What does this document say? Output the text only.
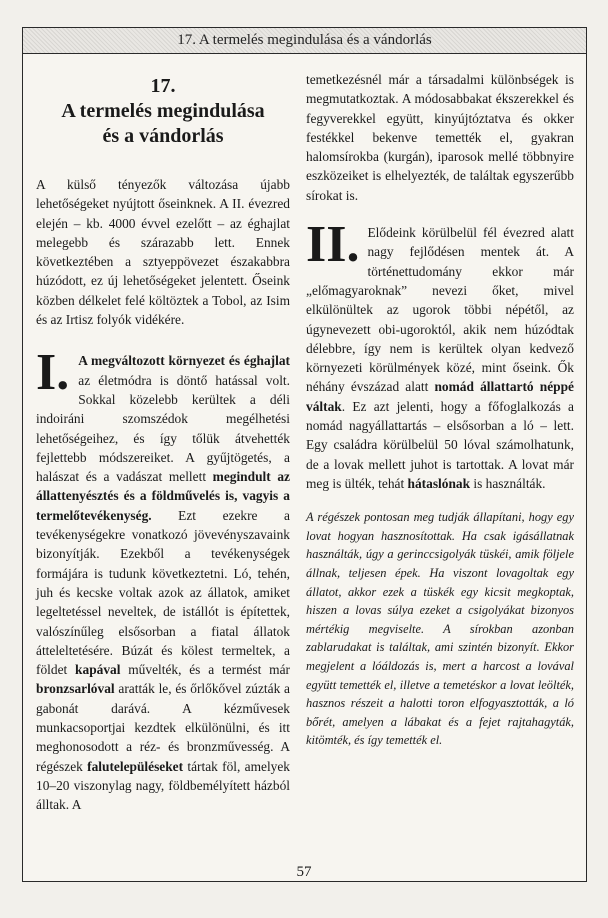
17. A termelés megindulása és a vándorlás
17.
A termelés megindulása
és a vándorlás

A külső tényezők változása újabb lehetőségeket nyújtott őseinknek. A II. évezred elején – kb. 4000 évvel ezelőtt – az éghajlat melegebb és szárazabb lett. Ennek következtében a sztyeppövezet északabbra húzódott, ez új lehetőségeket jelentett. Őseink közben délkelet felé költöztek a Tobol, az Isim és az Irtisz folyók vidékére.

I. A megváltozott környezet és éghajlat az életmódra is döntő hatással volt. Sokkal közelebb kerültek a déli indoiráni szomszédok megélhetési lehetőségeihez, és így tőlük átvehették fejlettebb módszereiket. A gyűjtögetés, a halászat és a vadászat mellett megindult az állattenyésztés és a földművelés is, vagyis a termelőtevékenység. Ezt ezekre a tevékenységekre vonatkozó jövevényszavaink bizonyítják. Ezekből a tevékenységek formájára is tudunk következtetni. Ló, tehén, juh és kecske voltak azok az állatok, amiket legeltetéssel neveltek, de istállót is építettek, valószínűleg elsősorban a fiatal állatok átteleltetésére. Búzát és kölest termeltek, a földet kapával művelték, és a termést már bronzsarlóval aratták le, és őrlőkővel zúzták a gabonát darává. A kézművesek munkacsoportjai kezdtek elkülönülni, és itt meghonosodott a réz- és bronzművesség. A régészek falutelepüléseket tártak föl, amelyek 10–20 viszonylag nagy, földbemélyített házból álltak. A

temetkezésnél már a társadalmi különbségek is megmutatkoztak. A módosabbakat ékszerekkel és fegyverekkel együtt, kinyújtóztatva és okker festékkel bekenve temették el, gyakran halomsírokba (kurgán), iparosok mellé többnyire eszközeiket is elhelyezték, de találtak egyszerűbb sírokat is.

II. Elődeink körülbelül fél évezred alatt nagy fejlődésen mentek át. A történettudomány ekkor már „előmagyaroknak” nevezi őket, mivel elkülönültek az ugorok többi népétől, az úgynevezett obi-ugoroktól, akik nem húzódtak délebbre, így nem is kerültek olyan kedvező környezeti körülmények közé, mint őseink. Ők néhány évszázad alatt nomád állattartó néppé váltak. Ez azt jelenti, hogy a főfoglalkozás a nomád nagyállattartás – elsősorban a ló – lett. Egy családra körülbelül 50 lóval számolhatunk, de a lovak mellett juhot is tartottak. A lovat már meg is ülték, tehát hátaslónak is használták.

A régészek pontosan meg tudják állapítani, hogy egy lovat hogyan hasznosítottak. Ha csak igásállatnak használták, úgy a gerinccsigolyák tüskéi, amik följele állnak, teljesen épek. Ha viszont lovagoltak egy állatot, akkor ezek a tüskék egy kicsit megkoptak, hiszen a lovas súlya ezeket a csigolyákat bizonyos mértékig megviselte. A sírokban azonban zablarudakat is találtak, ami szintén bizonyít. Ekkor megjelent a lóáldozás is, mert a harcost a lovával együtt temették el, illetve a temetéskor a lovat leölték, hasznos részeit a halotti toron elfogyasztották, a ló bőrét, amelyen a lábakat és a fejet rajtahagyták, kitömték, és így temették el.

57
